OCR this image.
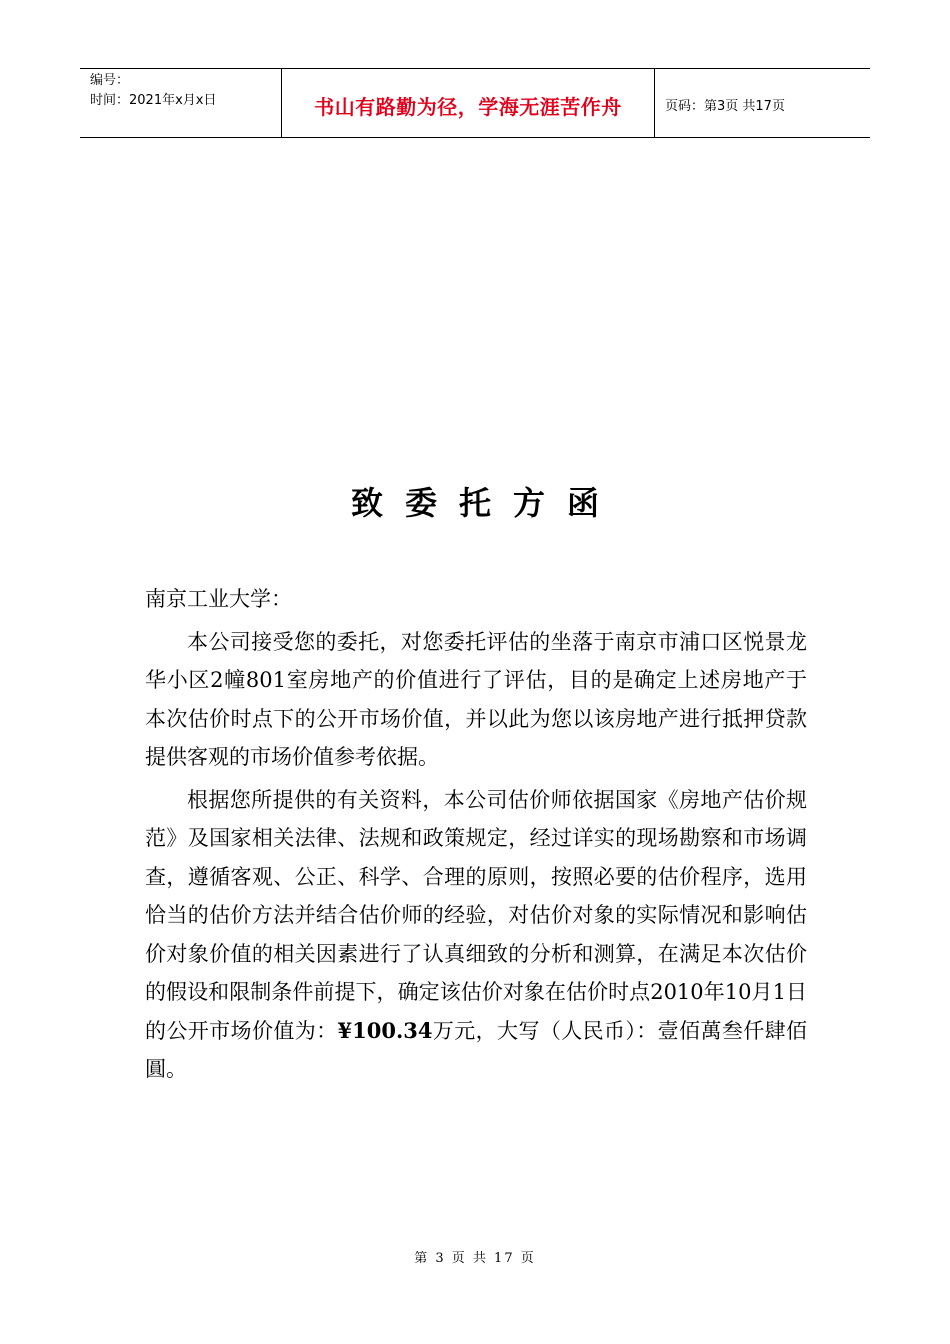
编号：
时间：2021年x月x日	书山有路勤为径，学海无涯苦作舟	页码：第3页 共17页
致委托方函

南京工业大学：

本公司接受您的委托，对您委托评估的坐落于南京市浦口区悦景龙华小区2幢801室房地产的价值进行了评估，目的是确定上述房地产于本次估价时点下的公开市场价值，并以此为您以该房地产进行抵押贷款提供客观的市场价值参考依据。

根据您所提供的有关资料，本公司估价师依据国家《房地产估价规范》及国家相关法律、法规和政策规定，经过详实的现场勘察和市场调查，遵循客观、公正、科学、合理的原则，按照必要的估价程序，选用恰当的估价方法并结合估价师的经验，对估价对象的实际情况和影响估价对象价值的相关因素进行了认真细致的分析和测算，在满足本次估价的假设和限制条件前提下，确定该估价对象在估价时点2010年10月1日的公开市场价值为：¥100.34万元，大写（人民币）：壹佰萬叁仟肆佰圓。

第 3 页 共 17 页
